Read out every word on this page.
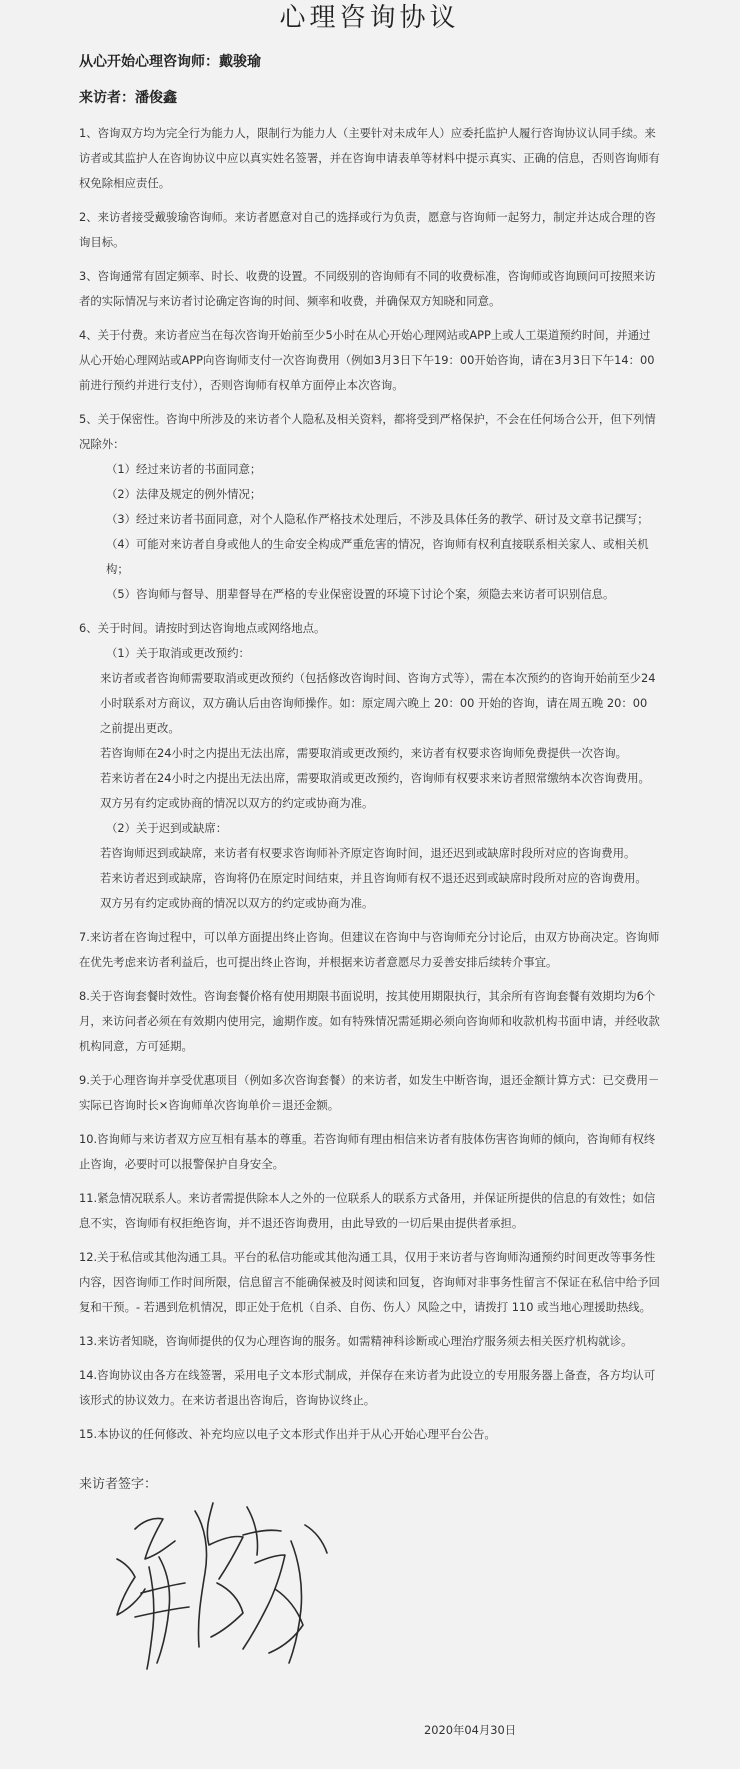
心理咨询协议
从心开始心理咨询师：戴骏瑜
来访者：潘俊鑫

1、咨询双方均为完全行为能力人，限制行为能力人（主要针对未成年人）应委托监护人履行咨询协议认同手续。来访者或其监护人在咨询协议中应以真实姓名签署，并在咨询申请表单等材料中提示真实、正确的信息，否则咨询师有权免除相应责任。

2、来访者接受戴骏瑜咨询师。来访者愿意对自己的选择或行为负责，愿意与咨询师一起努力，制定并达成合理的咨询目标。

3、咨询通常有固定频率、时长、收费的设置。不同级别的咨询师有不同的收费标准，咨询师或咨询顾问可按照来访者的实际情况与来访者讨论确定咨询的时间、频率和收费，并确保双方知晓和同意。

4、关于付费。来访者应当在每次咨询开始前至少5小时在从心开始心理网站或APP上或人工渠道预约时间，并通过从心开始心理网站或APP向咨询师支付一次咨询费用（例如3月3日下午19：00开始咨询，请在3月3日下午14：00前进行预约并进行支付），否则咨询师有权单方面停止本次咨询。

5、关于保密性。咨询中所涉及的来访者个人隐私及相关资料，都将受到严格保护，不会在任何场合公开，但下列情况除外：

（1）经过来访者的书面同意；

（2）法律及规定的例外情况；

（3）经过来访者书面同意，对个人隐私作严格技术处理后，不涉及具体任务的教学、研讨及文章书记撰写；

（4）可能对来访者自身或他人的生命安全构成严重危害的情况，咨询师有权利直接联系相关家人、或相关机构；

（5）咨询师与督导、朋辈督导在严格的专业保密设置的环境下讨论个案，须隐去来访者可识别信息。

6、关于时间。请按时到达咨询地点或网络地点。

（1）关于取消或更改预约：

来访者或者咨询师需要取消或更改预约（包括修改咨询时间、咨询方式等），需在本次预约的咨询开始前至少24小时联系对方商议，双方确认后由咨询师操作。如：原定周六晚上 20：00 开始的咨询，请在周五晚 20：00 之前提出更改。

若咨询师在24小时之内提出无法出席，需要取消或更改预约，来访者有权要求咨询师免费提供一次咨询。

若来访者在24小时之内提出无法出席，需要取消或更改预约，咨询师有权要求来访者照常缴纳本次咨询费用。

双方另有约定或协商的情况以双方的约定或协商为准。

（2）关于迟到或缺席：

若咨询师迟到或缺席，来访者有权要求咨询师补齐原定咨询时间，退还迟到或缺席时段所对应的咨询费用。

若来访者迟到或缺席，咨询将仍在原定时间结束，并且咨询师有权不退还迟到或缺席时段所对应的咨询费用。

双方另有约定或协商的情况以双方的约定或协商为准。

7.来访者在咨询过程中，可以单方面提出终止咨询。但建议在咨询中与咨询师充分讨论后，由双方协商决定。咨询师在优先考虑来访者利益后，也可提出终止咨询，并根据来访者意愿尽力妥善安排后续转介事宜。

8.关于咨询套餐时效性。咨询套餐价格有使用期限书面说明，按其使用期限执行，其余所有咨询套餐有效期均为6个月，来访问者必须在有效期内使用完，逾期作废。如有特殊情况需延期必须向咨询师和收款机构书面申请，并经收款机构同意，方可延期。

9.关于心理咨询并享受优惠项目（例如多次咨询套餐）的来访者，如发生中断咨询，退还金额计算方式：已交费用－实际已咨询时长×咨询师单次咨询单价＝退还金额。

10.咨询师与来访者双方应互相有基本的尊重。若咨询师有理由相信来访者有肢体伤害咨询师的倾向，咨询师有权终止咨询，必要时可以报警保护自身安全。

11.紧急情况联系人。来访者需提供除本人之外的一位联系人的联系方式备用，并保证所提供的信息的有效性；如信息不实，咨询师有权拒绝咨询，并不退还咨询费用，由此导致的一切后果由提供者承担。

12.关于私信或其他沟通工具。平台的私信功能或其他沟通工具，仅用于来访者与咨询师沟通预约时间更改等事务性内容，因咨询师工作时间所限，信息留言不能确保被及时阅读和回复，咨询师对非事务性留言不保证在私信中给予回复和干预。- 若遇到危机情况，即正处于危机（自杀、自伤、伤人）风险之中，请拨打 110 或当地心理援助热线。

13.来访者知晓，咨询师提供的仅为心理咨询的服务。如需精神科诊断或心理治疗服务须去相关医疗机构就诊。

14.咨询协议由各方在线签署，采用电子文本形式制成，并保存在来访者为此设立的专用服务器上备查，各方均认可该形式的协议效力。在来访者退出咨询后，咨询协议终止。

15.本协议的任何修改、补充均应以电子文本形式作出并于从心开始心理平台公告。

来访者签字：
2020年04月30日
